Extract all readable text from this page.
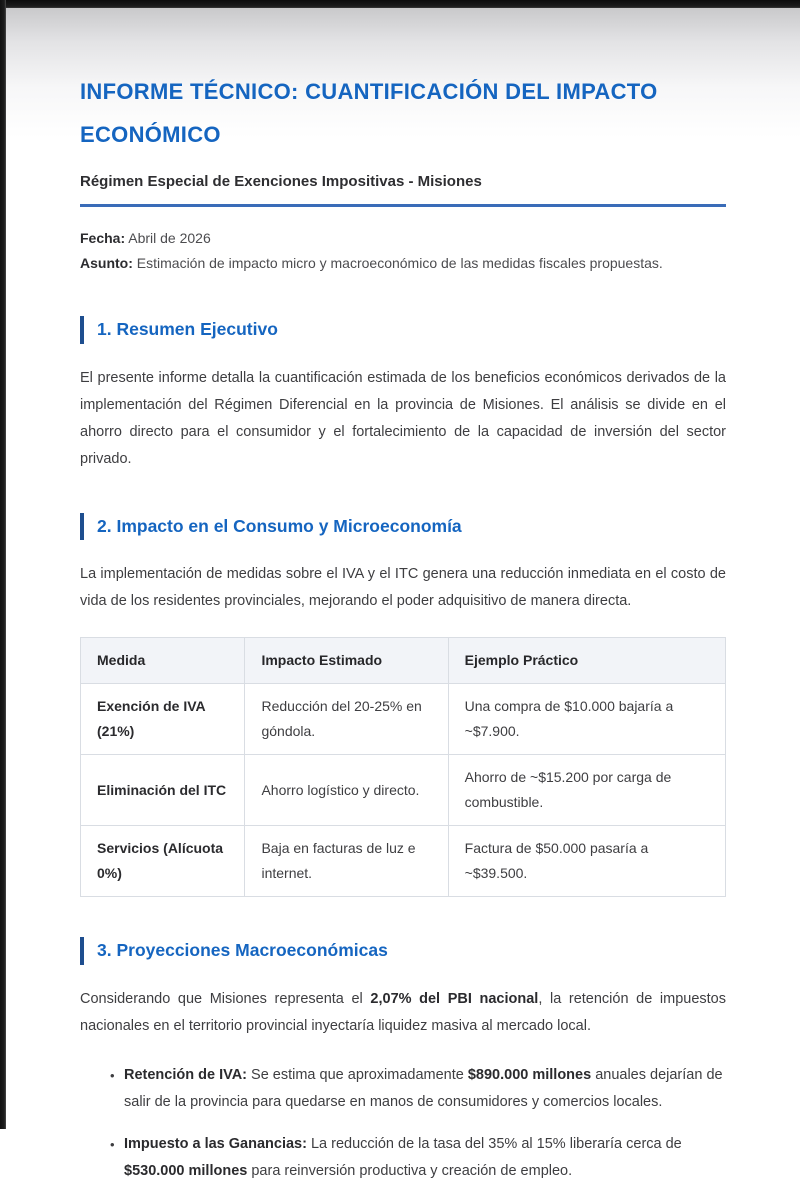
INFORME TÉCNICO: CUANTIFICACIÓN DEL IMPACTO ECONÓMICO
Régimen Especial de Exenciones Impositivas - Misiones

Fecha: Abril de 2026

Asunto: Estimación de impacto micro y macroeconómico de las medidas fiscales propuestas.

1. Resumen Ejecutivo

El presente informe detalla la cuantificación estimada de los beneficios económicos derivados de la implementación del Régimen Diferencial en la provincia de Misiones. El análisis se divide en el ahorro directo para el consumidor y el fortalecimiento de la capacidad de inversión del sector privado.

2. Impacto en el Consumo y Microeconomía

La implementación de medidas sobre el IVA y el ITC genera una reducción inmediata en el costo de vida de los residentes provinciales, mejorando el poder adquisitivo de manera directa.

Medida	Impacto Estimado	Ejemplo Práctico
Exención de IVA (21%)	Reducción del 20-25% en góndola.	Una compra de $10.000 bajaría a ~$7.900.
Eliminación del ITC	Ahorro logístico y directo.	Ahorro de ~$15.200 por carga de combustible.
Servicios (Alícuota 0%)	Baja en facturas de luz e internet.	Factura de $50.000 pasaría a ~$39.500.
3. Proyecciones Macroeconómicas

Considerando que Misiones representa el 2,07% del PBI nacional, la retención de impuestos nacionales en el territorio provincial inyectaría liquidez masiva al mercado local.

• Retención de IVA: Se estima que aproximadamente $890.000 millones anuales dejarían de salir de la provincia para quedarse en manos de consumidores y comercios locales.
• Impuesto a las Ganancias: La reducción de la tasa del 35% al 15% liberaría cerca de $530.000 millones para reinversión productiva y creación de empleo.
